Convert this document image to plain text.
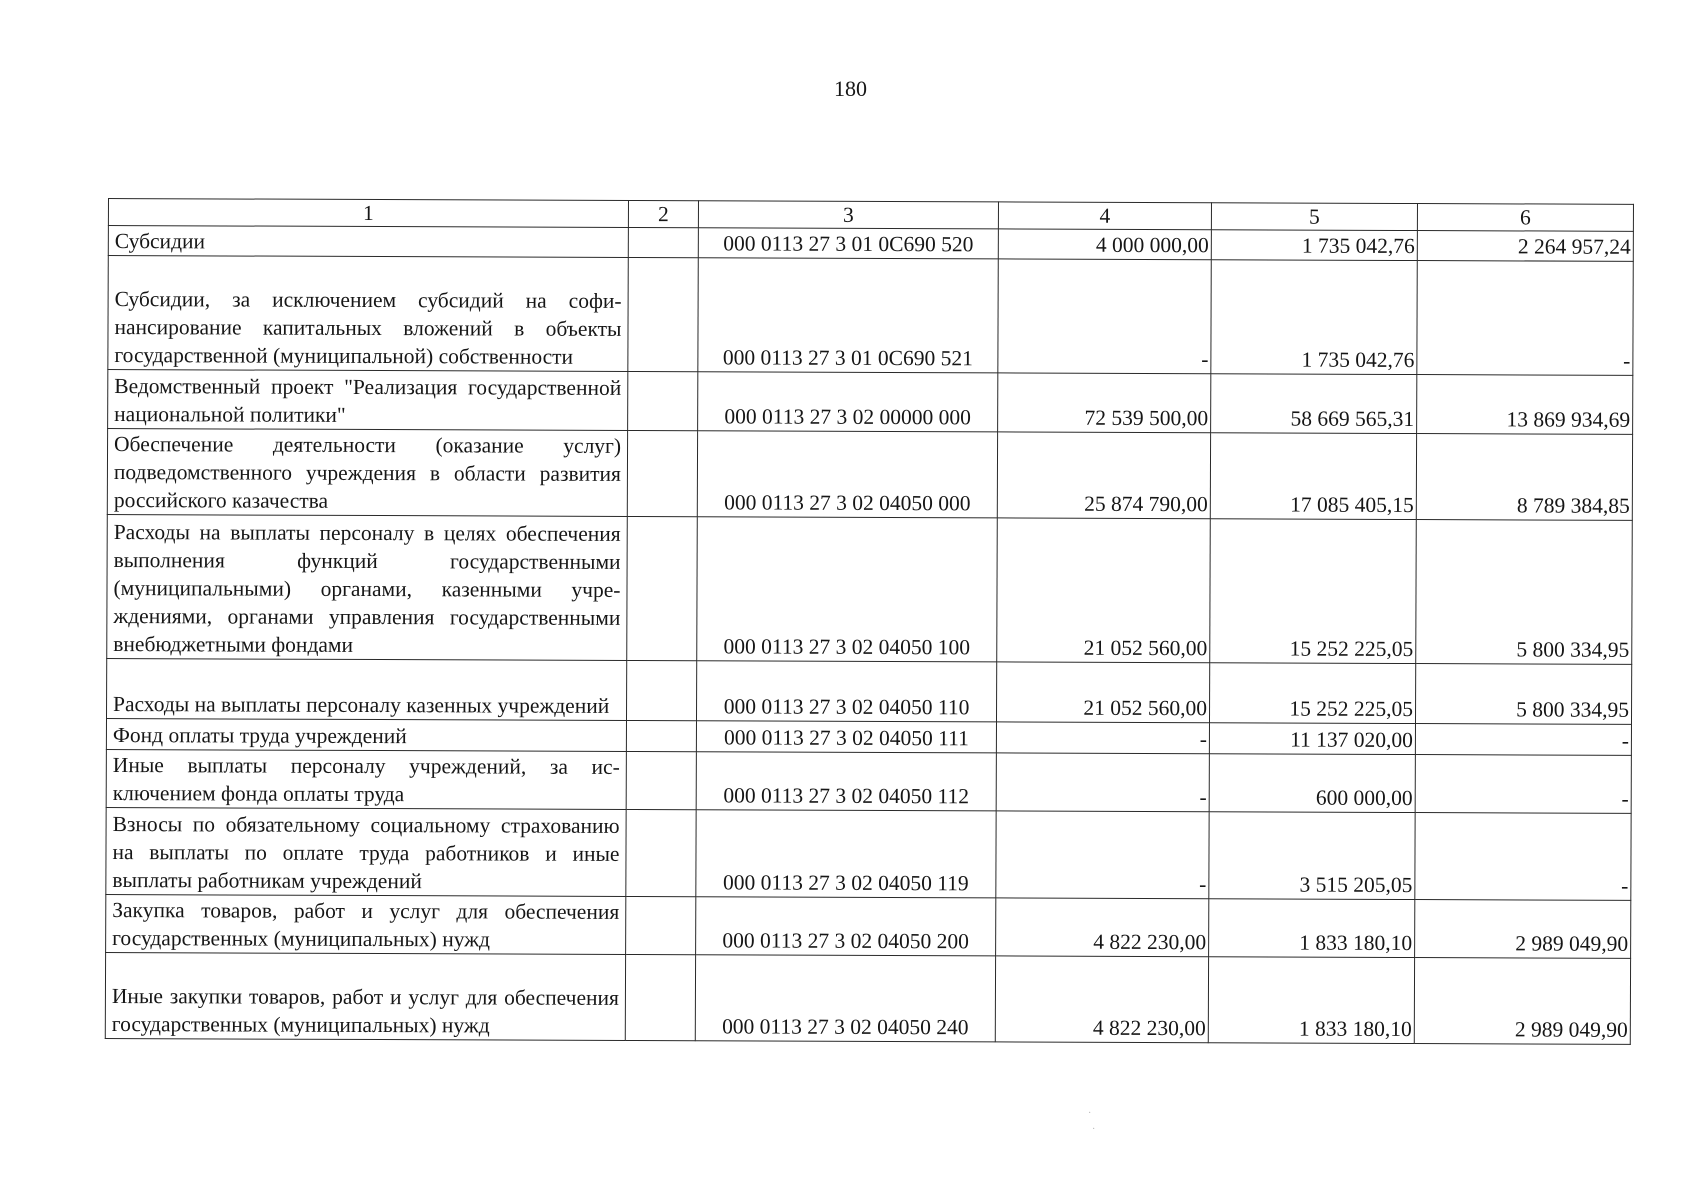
180
1	2	3	4	5	6
Субсидии		000 0113 27 3 01 0C690 520	4 000 000,00	1 735 042,76	2 264 957,24
Субсидии, за исключением субсидий на софинансирование капитальных вложений в объекты государственной (муниципальной) собственности		000 0113 27 3 01 0C690 521	-	1 735 042,76	-
Ведомственный проект "Реализация государственной национальной политики"		000 0113 27 3 02 00000 000	72 539 500,00	58 669 565,31	13 869 934,69
Обеспечение деятельности (оказание услуг) подведомственного учреждения в области развития российского казачества		000 0113 27 3 02 04050 000	25 874 790,00	17 085 405,15	8 789 384,85
Расходы на выплаты персоналу в целях обеспечения выполнения функций государственными (муниципальными) органами, казенными учреждениями, органами управления государственными внебюджетными фондами		000 0113 27 3 02 04050 100	21 052 560,00	15 252 225,05	5 800 334,95
Расходы на выплаты персоналу казенных учреждений		000 0113 27 3 02 04050 110	21 052 560,00	15 252 225,05	5 800 334,95
Фонд оплаты труда учреждений		000 0113 27 3 02 04050 111	-	11 137 020,00	-
Иные выплаты персоналу учреждений, за исключением фонда оплаты труда		000 0113 27 3 02 04050 112	-	600 000,00	-
Взносы по обязательному социальному страхованию на выплаты по оплате труда работников и иные выплаты работникам учреждений		000 0113 27 3 02 04050 119	-	3 515 205,05	-
Закупка товаров, работ и услуг для обеспечения государственных (муниципальных) нужд		000 0113 27 3 02 04050 200	4 822 230,00	1 833 180,10	2 989 049,90
Иные закупки товаров, работ и услуг для обеспечения государственных (муниципальных) нужд		000 0113 27 3 02 04050 240	4 822 230,00	1 833 180,10	2 989 049,90
·
·
